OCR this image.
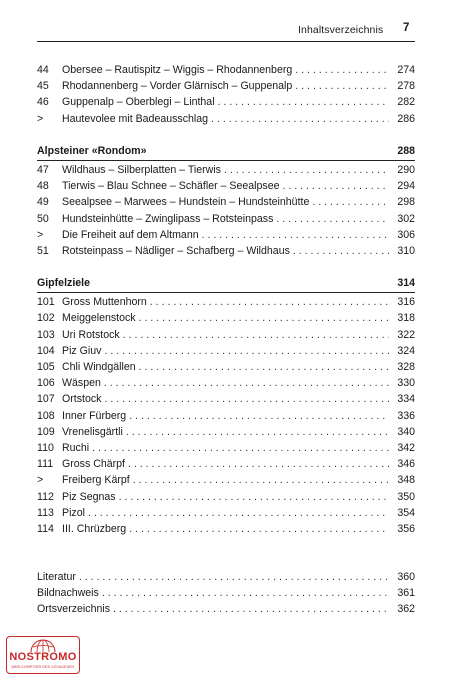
Inhaltsverzeichnis 7
44	Obersee – Rautispitz – Wiggis – Rhodannenberg . . .	274
45	Rhodannenberg – Vorder Glärnisch – Guppenalp . . .	278
46	Guppenalp – Oberblegi – Linthal . . .	282
>	Hautevolee mit Badeausschlag . . .	286
Alpsteiner «Rondom»	288
47	Wildhaus – Silberplatten – Tierwis . . .	290
48	Tierwis – Blau Schnee – Schäfler – Seealpsee . . .	294
49	Seealpsee – Marwees – Hundstein – Hundsteinhütte . . .	298
50	Hundsteinhütte – Zwinglipass – Rotsteinpass . . .	302
>	Die Freiheit auf dem Altmann . . .	306
51	Rotsteinpass – Nädliger – Schafberg – Wildhaus . . .	310
Gipfelziele	314
101 Gross Muttenhorn . . .	316
102 Meiggelenstock . . .	318
103 Uri Rotstock . . .	322
104 Piz Giuv . . .	324
105 Chli Windgällen . . .	328
106 Wäspen . . .	330
107 Ortstock . . .	334
108 Inner Fürberg . . .	336
109 Vrenelisgärtli . . .	340
110 Ruchi . . .	342
111 Gross Chärpf . . .	346
>	Freiberg Kärpf . . .	348
112 Piz Segnas . . .	350
113 Pizol . . .	354
114 III. Chrüzberg . . .	356
Literatur . . .	360
Bildnachweis . . .	361
Ortsverzeichnis . . .	362
NOSTROMO
WEB COMPTOIR DES VOYAGEURS
